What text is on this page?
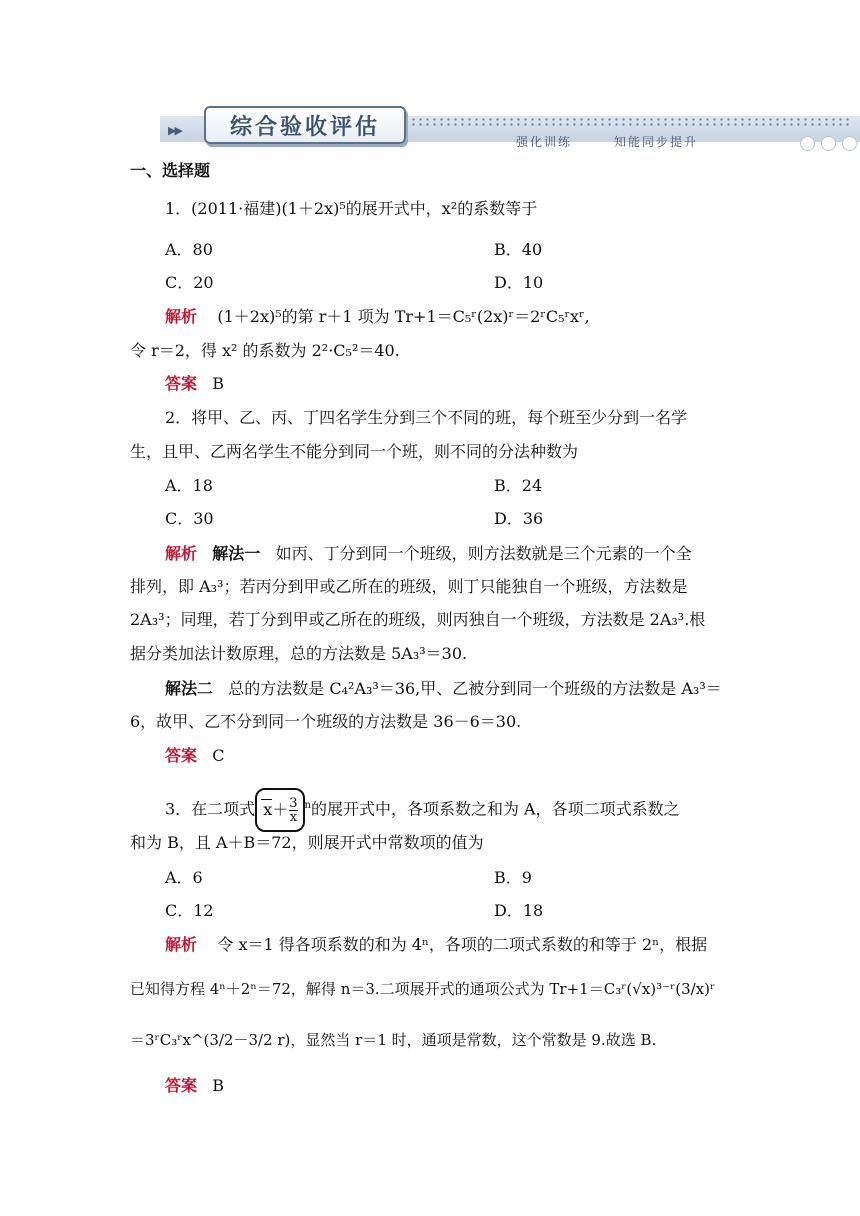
▶▶ 综合验收评估
强化训练	知能同步提升
一、选择题
1．(2011·福建)(1＋2x)⁵的展开式中，x²的系数等于
A．80	B．40
C．20	D．10
解析 (1＋2x)⁵的第 r＋1 项为 Tr+1＝C₅ʳ(2x)ʳ＝2ʳC₅ʳxʳ,
令 r＝2，得 x² 的系数为 2²·C₅²＝40.
答案 B
2．将甲、乙、丙、丁四名学生分到三个不同的班，每个班至少分到一名学
生，且甲、乙两名学生不能分到同一个班，则不同的分法种数为
A．18	B．24
C．30	D．36
解析 解法一 如丙、丁分到同一个班级，则方法数就是三个元素的一个全
排列，即 A₃³；若丙分到甲或乙所在的班级，则丁只能独自一个班级，方法数是
2A₃³；同理，若丁分到甲或乙所在的班级，则丙独自一个班级，方法数是 2A₃³.根
据分类加法计数原理，总的方法数是 5A₃³＝30.
解法二 总的方法数是 C₄²A₃³＝36,甲、乙被分到同一个班级的方法数是 A₃³＝
6，故甲、乙不分到同一个班级的方法数是 36－6＝30.
答案 C
3．在二项式 $x+ \frac{3}{x} ^n$的展开式中，各项系数之和为 A，各项二项式系数之
和为 B，且 A＋B＝72，则展开式中常数项的值为
A．6	B．9
C．12	D．18
解析 令 x＝1 得各项系数的和为 4ⁿ，各项的二项式系数的和等于 2ⁿ，根据
已知得方程 4ⁿ＋2ⁿ＝72，解得 n＝3.二项展开式的通项公式为 Tr+1＝C₃ʳ(√x)³⁻ʳ(3/x)ʳ
＝3ʳC₃ʳx^(3/2－3/2 r)，显然当 r＝1 时，通项是常数，这个常数是 9.故选 B.
答案 B
